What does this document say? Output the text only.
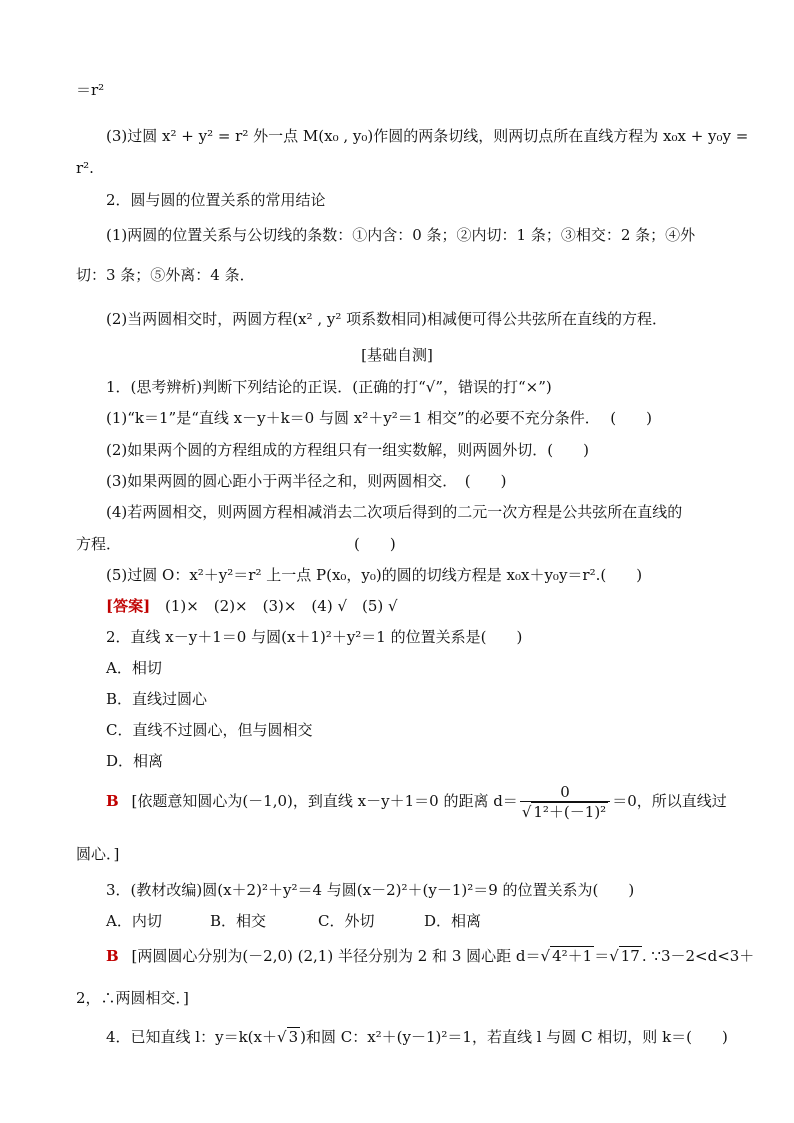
＝r²
(3)过圆 x² + y² = r² 外一点 M(x₀ , y₀)作圆的两条切线，则两切点所在直线方程为 x₀x + y₀y =
r².
2．圆与圆的位置关系的常用结论
(1)两圆的位置关系与公切线的条数：①内含：0 条；②内切：1 条；③相交：2 条；④外
切：3 条；⑤外离：4 条．
(2)当两圆相交时，两圆方程(x² , y² 项系数相同)相减便可得公共弦所在直线的方程．
[基础自测]
1．(思考辨析)判断下列结论的正误．(正确的打“√”，错误的打“×”)
(1)“k＝1”是“直线 x－y＋k＝0 与圆 x²＋y²＝1 相交”的必要不充分条件． (　　)
(2)如果两个圆的方程组成的方程组只有一组实数解，则两圆外切．(　　)
(3)如果两圆的圆心距小于两半径之和，则两圆相交．　(　　)
(4)若两圆相交，则两圆方程相减消去二次项后得到的二元一次方程是公共弦所在直线的
方程．	(　　)
(5)过圆 O：x²＋y²＝r² 上一点 P(x₀，y₀)的圆的切线方程是 x₀x＋y₀y＝r².(　　)
[答案] (1)×　(2)×　(3)×　(4) √　(5) √
2．直线 x－y＋1＝0 与圆(x＋1)²＋y²＝1 的位置关系是(　　)
A．相切
B．直线过圆心
C．直线不过圆心，但与圆相交
D．相离
B [依题意知圆心为(－1,0)，到直线 x－y＋1＝0 的距离 $d= \frac{0}{\text{√ 1²＋(－1)²}} =0$，所以直线过
圆心．]
3．(教材改编)圆(x＋2)²＋y²＝4 与圆(x－2)²＋(y－1)²＝9 的位置关系为(　　)
A．内切	B．相交	C．外切	D．相离
B [两圆圆心分别为(－2,0) (2,1) 半径分别为 2 和 3 圆心距 d＝√ 4²＋1 ＝√ 17 . ∵3－2<d<3＋
2，∴两圆相交．]
4．已知直线 l：y＝k(x＋√ 3 )和圆 C：x²＋(y－1)²＝1，若直线 l 与圆 C 相切，则 k＝(　　)
